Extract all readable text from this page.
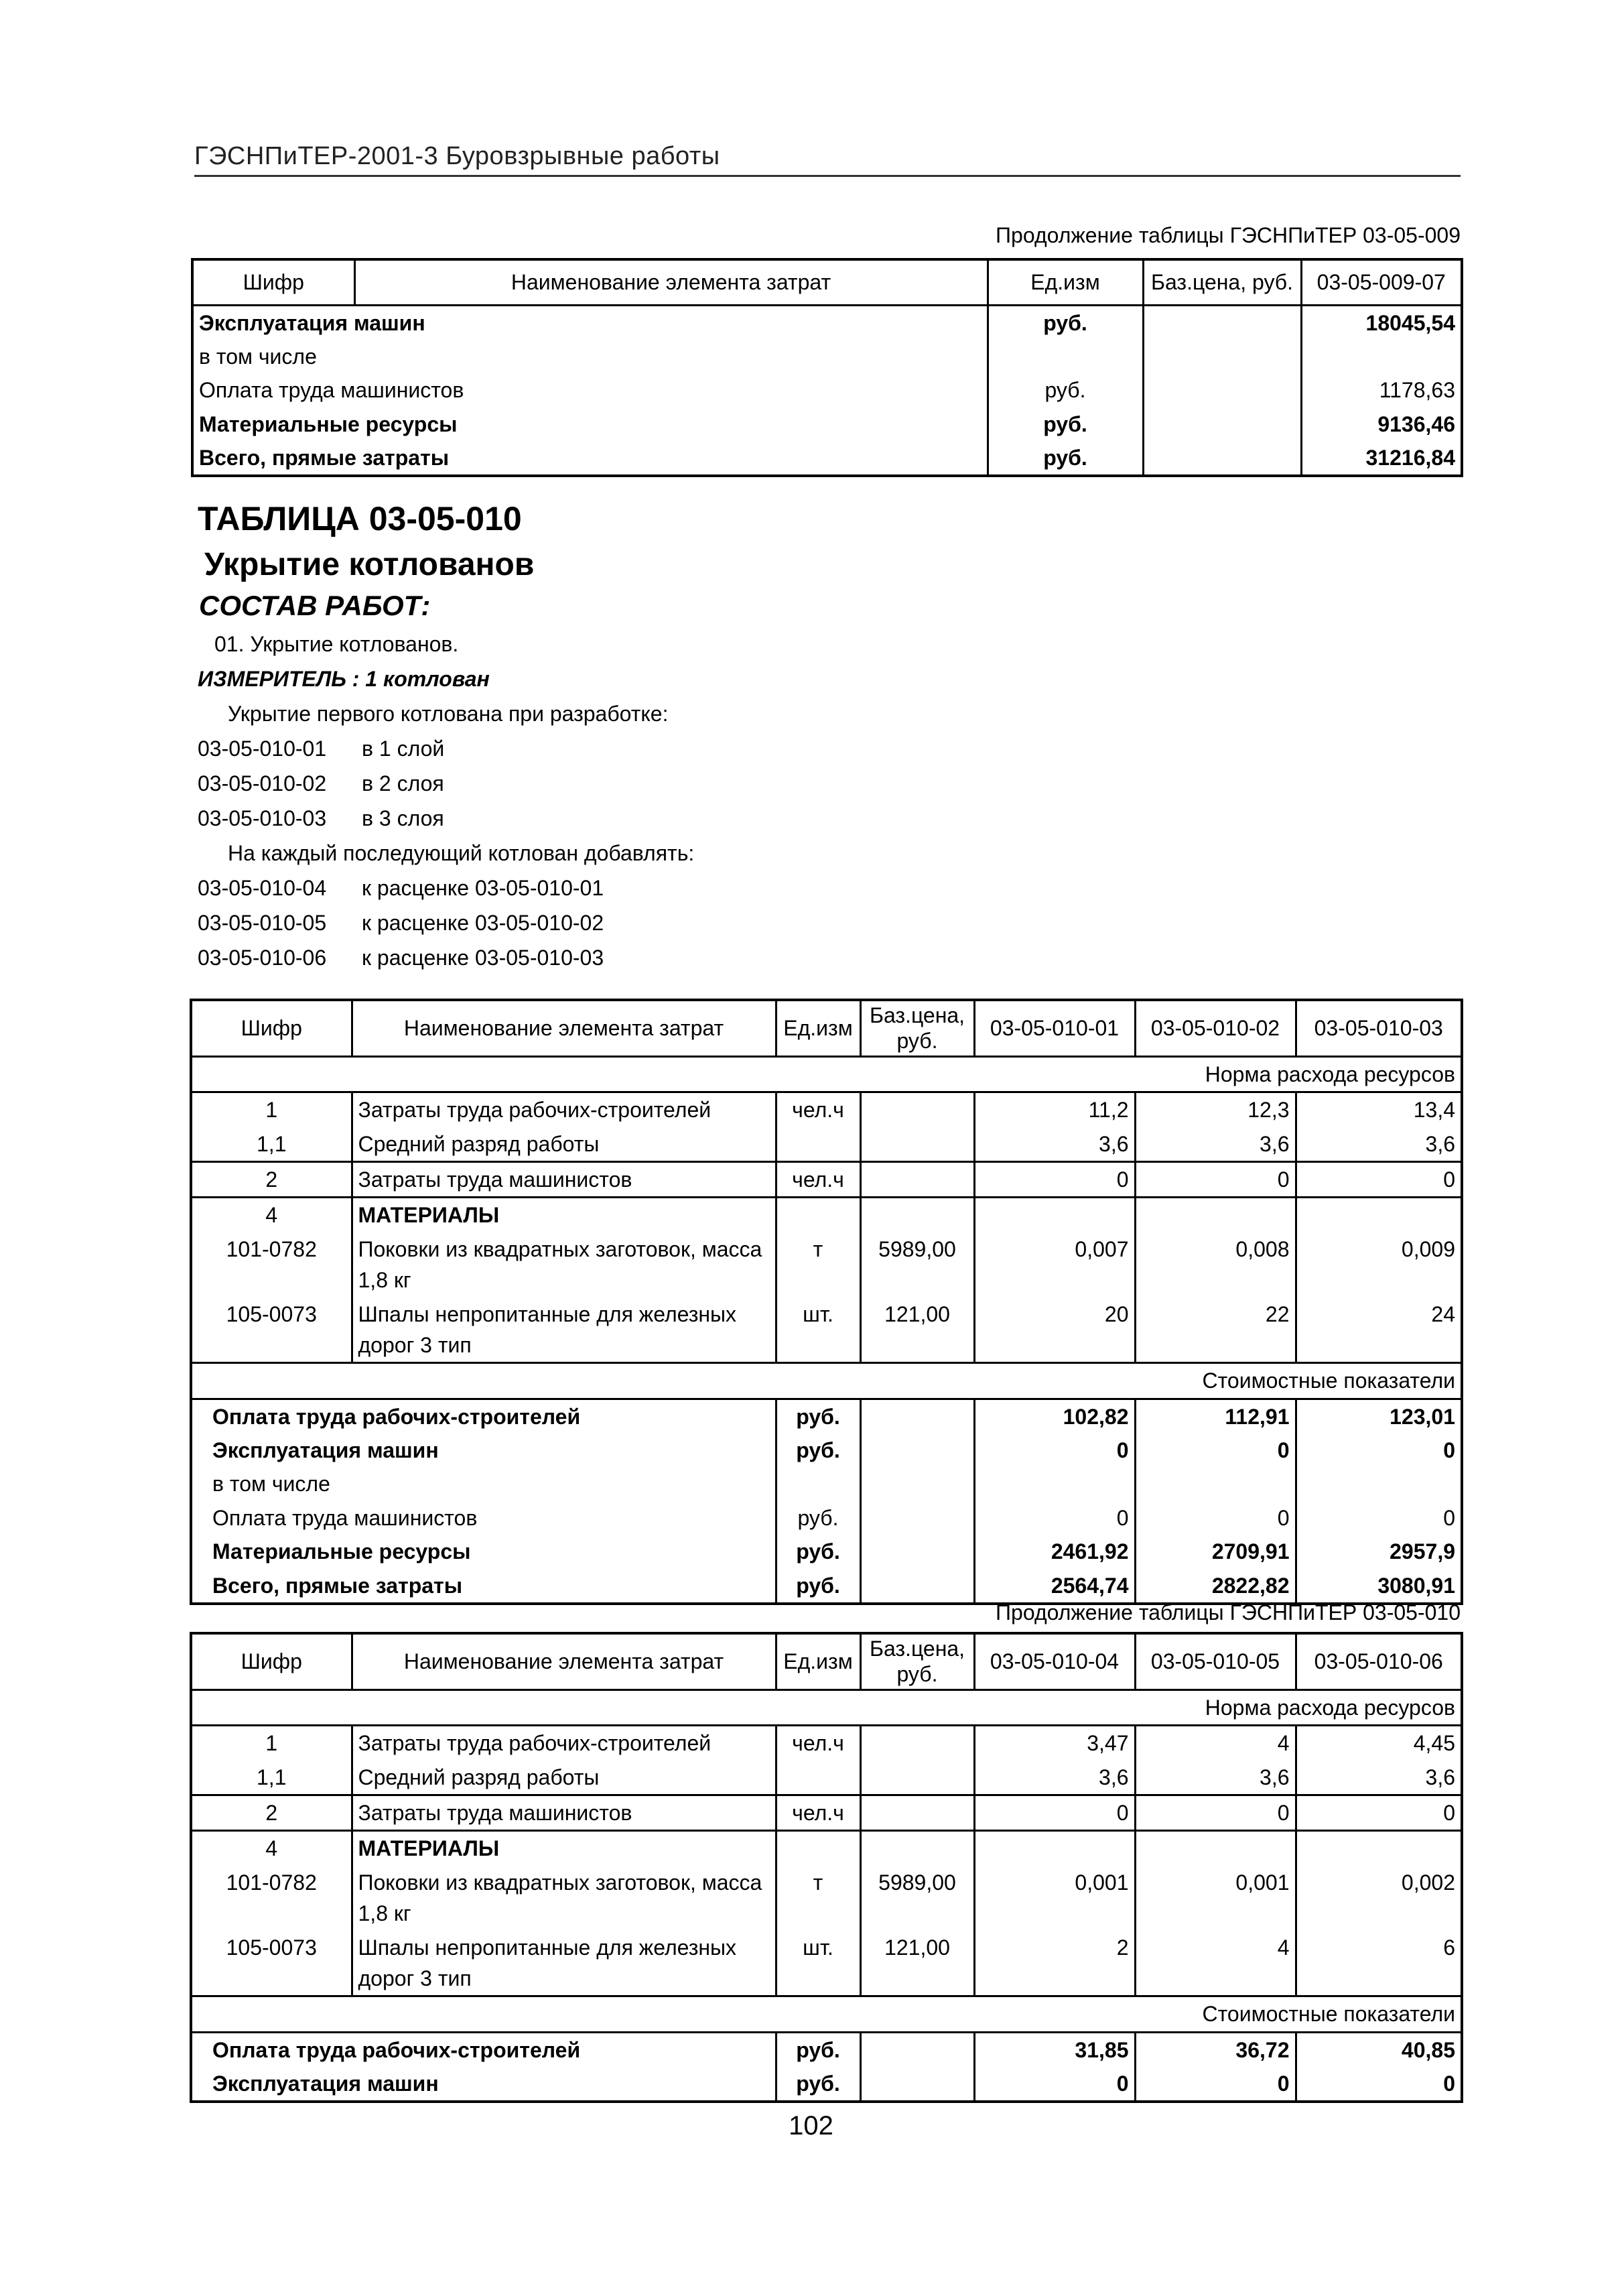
ГЭСНПиТЕР-2001-3 Буровзрывные работы
Продолжение таблицы ГЭСНПиТЕР 03-05-009
Шифр	Наименование элемента затрат	Ед.изм	Баз.цена, руб.	03-05-009-07
Эксплуатация машин		руб.		18045,54
в том числе				
Оплата труда машинистов		руб.		1178,63
Материальные ресурсы		руб.		9136,46
Всего, прямые затраты		руб.		31216,84
ТАБЛИЦА 03-05-010
Укрытие котлованов
СОСТАВ РАБОТ:
01. Укрытие котлованов.
ИЗМЕРИТЕЛЬ : 1 котлован
Укрытие первого котлована при разработке:
03-05-010-01 в 1 слой
03-05-010-02 в 2 слоя
03-05-010-03 в 3 слоя
На каждый последующий котлован добавлять:
03-05-010-04 к расценке 03-05-010-01
03-05-010-05 к расценке 03-05-010-02
03-05-010-06 к расценке 03-05-010-03
Шифр	Наименование элемента затрат	Ед.изм	Баз.цена, руб.	03-05-010-01	03-05-010-02	03-05-010-03
Норма расхода ресурсов						
1	Затраты труда рабочих-строителей	чел.ч		11,2	12,3	13,4
1,1	Средний разряд работы			3,6	3,6	3,6
2	Затраты труда машинистов	чел.ч		0	0	0
4	МАТЕРИАЛЫ					
101-0782	Поковки из квадратных заготовок, масса 1,8 кг	т	5989,00	0,007	0,008	0,009
105-0073	Шпалы непропитанные для железных дорог 3 тип	шт.	121,00	20	22	24
Стоимостные показатели						
Оплата труда рабочих-строителей		руб.		102,82	112,91	123,01
Эксплуатация машин		руб.		0	0	0
в том числе						
Оплата труда машинистов		руб.		0	0	0
Материальные ресурсы		руб.		2461,92	2709,91	2957,9
Всего, прямые затраты		руб.		2564,74	2822,82	3080,91
Продолжение таблицы ГЭСНПиТЕР 03-05-010
Шифр	Наименование элемента затрат	Ед.изм	Баз.цена, руб.	03-05-010-04	03-05-010-05	03-05-010-06
Норма расхода ресурсов						
1	Затраты труда рабочих-строителей	чел.ч		3,47	4	4,45
1,1	Средний разряд работы			3,6	3,6	3,6
2	Затраты труда машинистов	чел.ч		0	0	0
4	МАТЕРИАЛЫ					
101-0782	Поковки из квадратных заготовок, масса 1,8 кг	т	5989,00	0,001	0,001	0,002
105-0073	Шпалы непропитанные для железных дорог 3 тип	шт.	121,00	2	4	6
Стоимостные показатели						
Оплата труда рабочих-строителей		руб.		31,85	36,72	40,85
Эксплуатация машин		руб.		0	0	0
102
